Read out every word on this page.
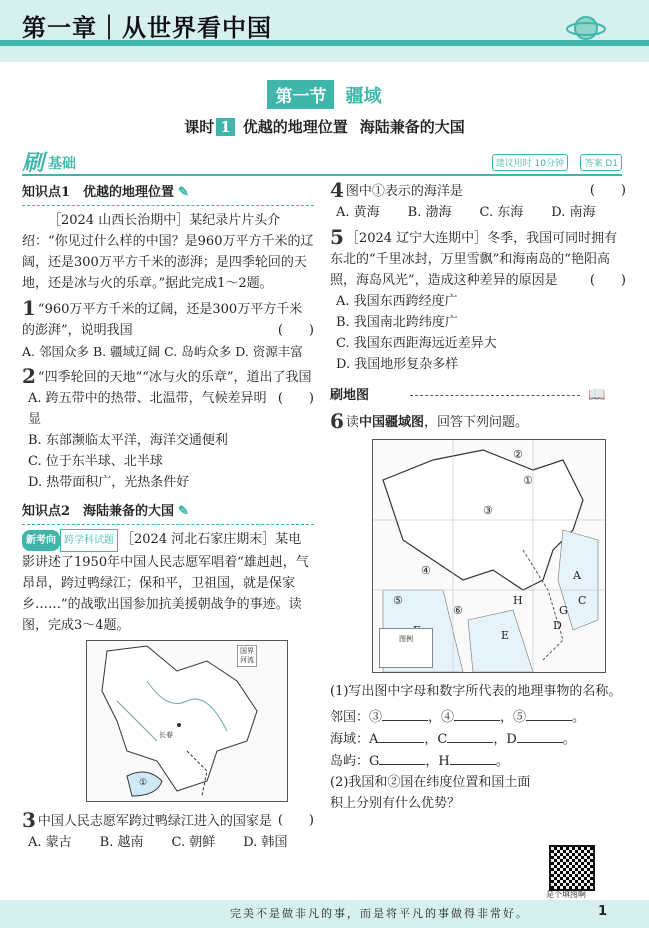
第一章｜从世界看中国
第一节 疆域
课时 1 优越的地理位置 海陆兼备的大国
刷 基础	建议用时 10分钟	答案 D1
知识点1　优越的地理位置 ✎
［2024 山西长治期中］某纪录片片头介绍：“你见过什么样的中国？是960万平方千米的辽阔，还是300万平方千米的澎湃；是四季轮回的天地，还是冰与火的乐章。”据此完成1～2题。
1 “960万平方千米的辽阔，还是300万平方千米的澎湃”，说明我国	(　　)
A. 邻国众多 B. 疆域辽阔 C. 岛屿众多 D. 资源丰富
2 “四季轮回的天地”“冰与火的乐章”，道出了我国
(　　)
A. 跨五带中的热带、北温带，气候差异明显
B. 东部濒临太平洋，海洋交通便利
C. 位于东半球、北半球
D. 热带面积广，光热条件好
知识点2　海陆兼备的大国 ✎
新考向 跨学科试题 ［2024 河北石家庄期末］某电影讲述了1950年中国人民志愿军唱着“雄赳赳，气昂昂，跨过鸭绿江；保和平，卫祖国，就是保家乡……”的战歌出国参加抗美援朝战争的事迹。读图，完成3～4题。
国界
河流
长春
①
3 中国人民志愿军跨过鸭绿江进入的国家是 (　　)
A. 蒙古 B. 越南 C. 朝鲜 D. 韩国
4 图中①表示的海洋是	(　　)
A. 黄海 B. 渤海 C. 东海 D. 南海
5 ［2024 辽宁大连期中］冬季，我国可同时拥有东北的“千里冰封，万里雪飘”和海南岛的“艳阳高照，海岛风光”，造成这种差异的原因是 (　　)
A. 我国东西跨经度广
B. 我国南北跨纬度广
C. 我国东西距海远近差异大
D. 我国地形复杂多样
刷地图	📖
6 读中国疆域图，回答下列问题。
①
②
③
④
⑤
⑥
A
C
D
E
G
H
图例
(1)写出图中字母和数字所代表的地理事物的名称。
邻国：③	，④	，⑤	。
海域：A	，C	，D	。
岛屿：G	，H	。
(2)我国和②国在纬度位置和国土面积上分别有什么优势？
是个填图啊
完美不是做非凡的事，而是将平凡的事做得非常好。	1
